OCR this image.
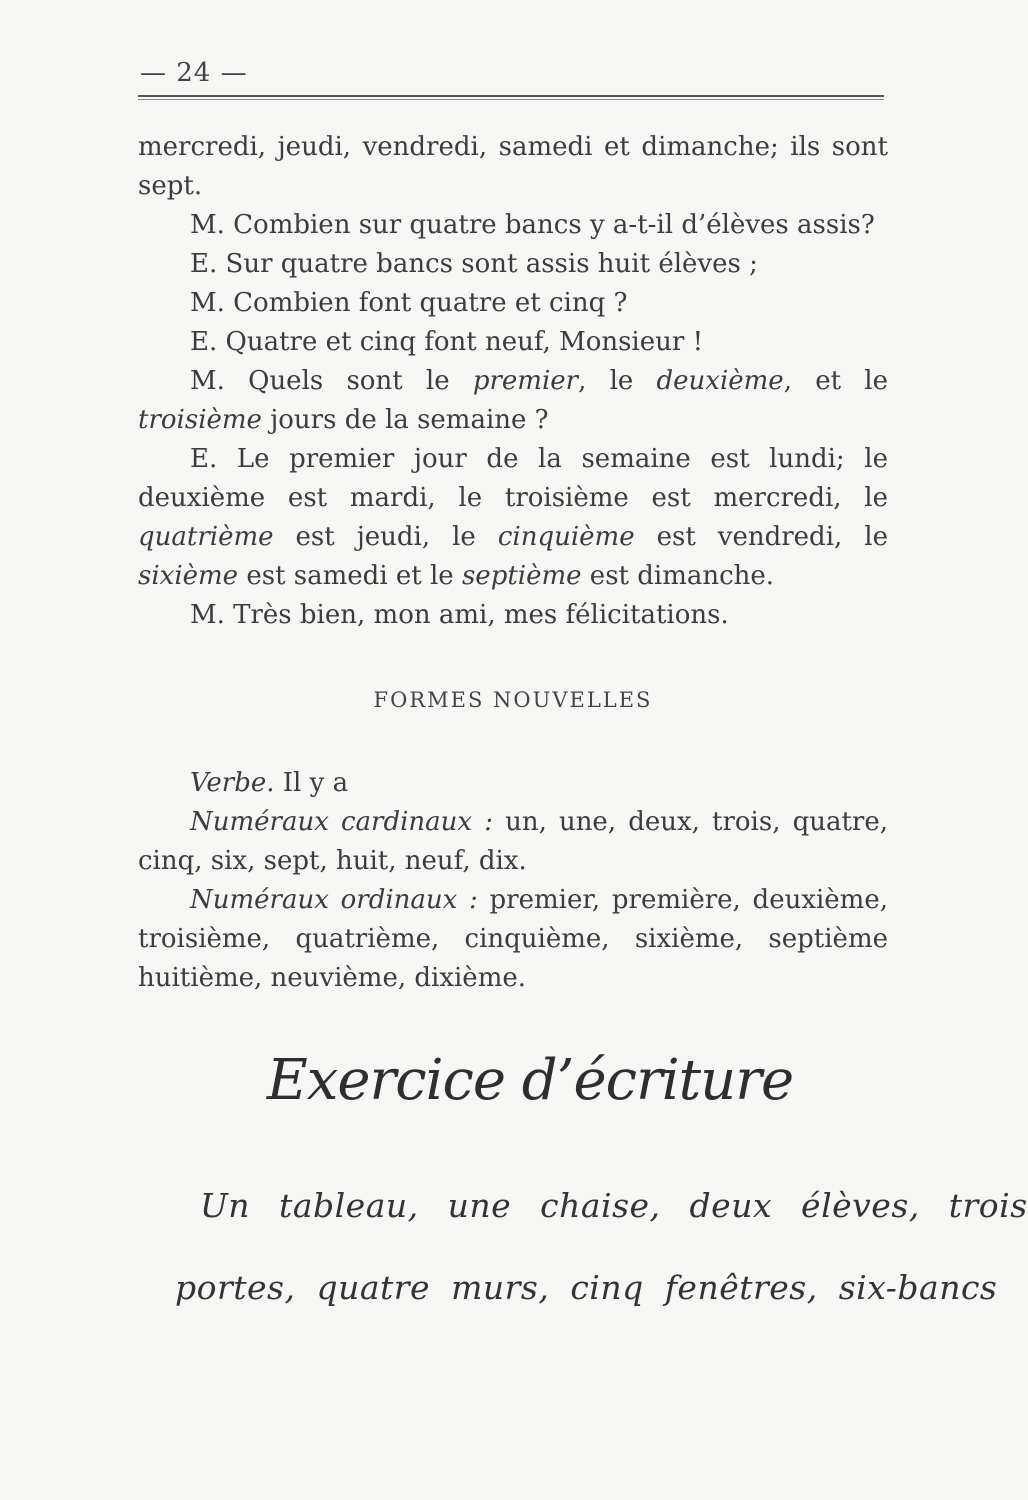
— 24 —

mercredi, jeudi, vendredi, samedi et dimanche; ils sont sept.

M. Combien sur quatre bancs y a-t-il d’élèves assis?

E. Sur quatre bancs sont assis huit élèves ;

M. Combien font quatre et cinq ?

E. Quatre et cinq font neuf, Monsieur !

M. Quels sont le premier, le deuxième, et le troisième jours de la semaine ?

E. Le premier jour de la semaine est lundi; le deuxième est mardi, le troisième est mercredi, le quatrième est jeudi, le cinquième est vendredi, le sixième est samedi et le septième est dimanche.

M. Très bien, mon ami, mes félicitations.

FORMES NOUVELLES

Verbe. Il y a

Numéraux cardinaux : un, une, deux, trois, quatre, cinq, six, sept, huit, neuf, dix.

Numéraux ordinaux : premier, première, deuxième, troisième, quatrième, cinquième, sixième, septième huitième, neuvième, dixième.

Exercice d’écriture
Un tableau, une chaise, deux élèves, trois
portes, quatre murs, cinq fenêtres, six-bancs
